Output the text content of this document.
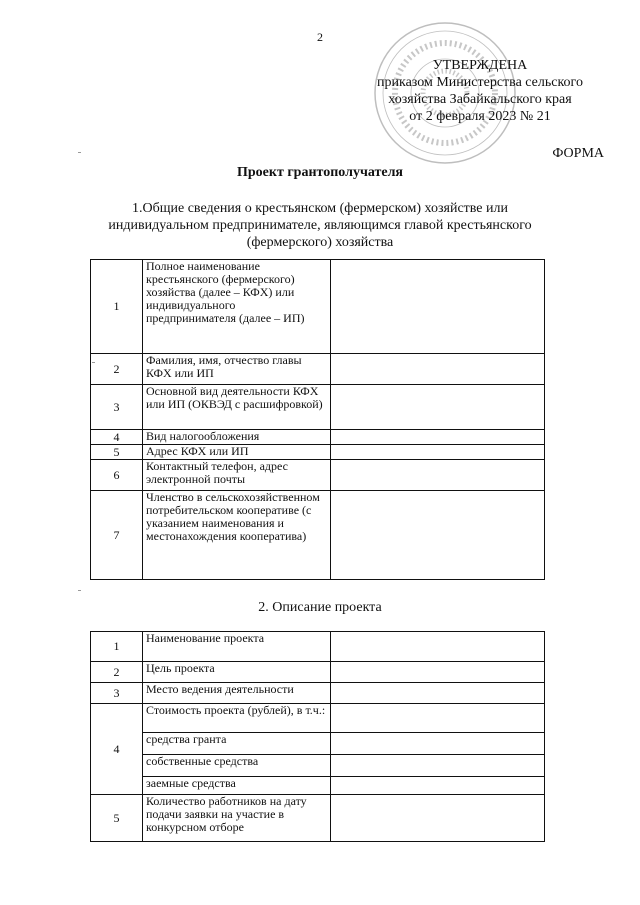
2
УТВЕРЖДЕНА
приказом Министерства сельского
хозяйства Забайкальского края
от 2 февраля 2023 № 21
ФОРМА
Проект грантополучателя
1.Общие сведения о крестьянском (фермерском) хозяйстве или индивидуальном предпринимателе, являющимся главой крестьянского (фермерского) хозяйства
1	Полное наименование крестьянского (фермерского) хозяйства (далее – КФХ) или индивидуального предпринимателя (далее – ИП)	
2	Фамилия, имя, отчество главы КФХ или ИП	
3	Основной вид деятельности КФХ или ИП (ОКВЭД с расшифровкой)	
4	Вид налогообложения	
5	Адрес КФХ или ИП	
6	Контактный телефон, адрес электронной почты	
7	Членство в сельскохозяйственном потребительском кооперативе (с указанием наименования и местонахождения кооператива)	
2. Описание проекта
1	Наименование проекта	
2	Цель проекта	
3	Место ведения деятельности	
4	Стоимость проекта (рублей), в т.ч.:	
	средства гранта	
	собственные средства	
	заемные средства	
5	Количество работников на дату подачи заявки на участие в конкурсном отборе	
